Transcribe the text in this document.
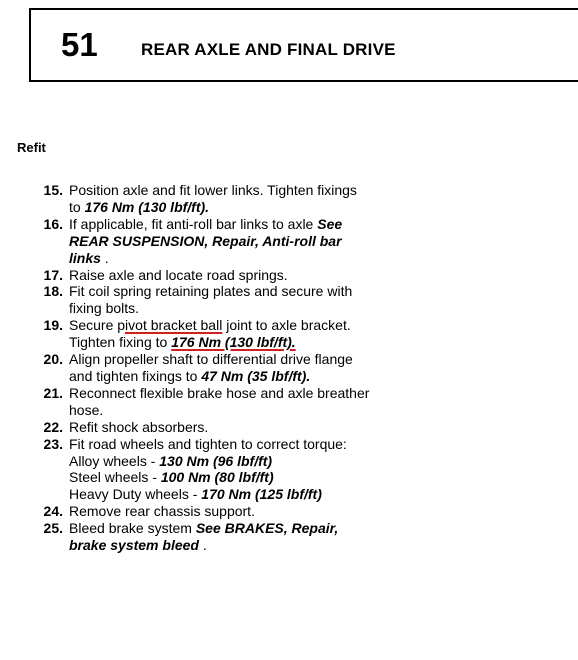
51	REAR AXLE AND FINAL DRIVE
Refit
15. Position axle and fit lower links. Tighten fixings
to 176 Nm (130 lbf/ft).
16. If applicable, fit anti-roll bar links to axle See
REAR SUSPENSION, Repair, Anti-roll bar
links .
17. Raise axle and locate road springs.
18. Fit coil spring retaining plates and secure with
fixing bolts.
19. Secure pivot bracket ball joint to axle bracket.
Tighten fixing to 176 Nm (130 lbf/ft).
20. Align propeller shaft to differential drive flange
and tighten fixings to 47 Nm (35 lbf/ft).
21. Reconnect flexible brake hose and axle breather
hose.
22. Refit shock absorbers.
23. Fit road wheels and tighten to correct torque:
Alloy wheels - 130 Nm (96 lbf/ft)
Steel wheels - 100 Nm (80 lbf/ft)
Heavy Duty wheels - 170 Nm (125 lbf/ft)
24. Remove rear chassis support.
25. Bleed brake system See BRAKES, Repair,
brake system bleed .
